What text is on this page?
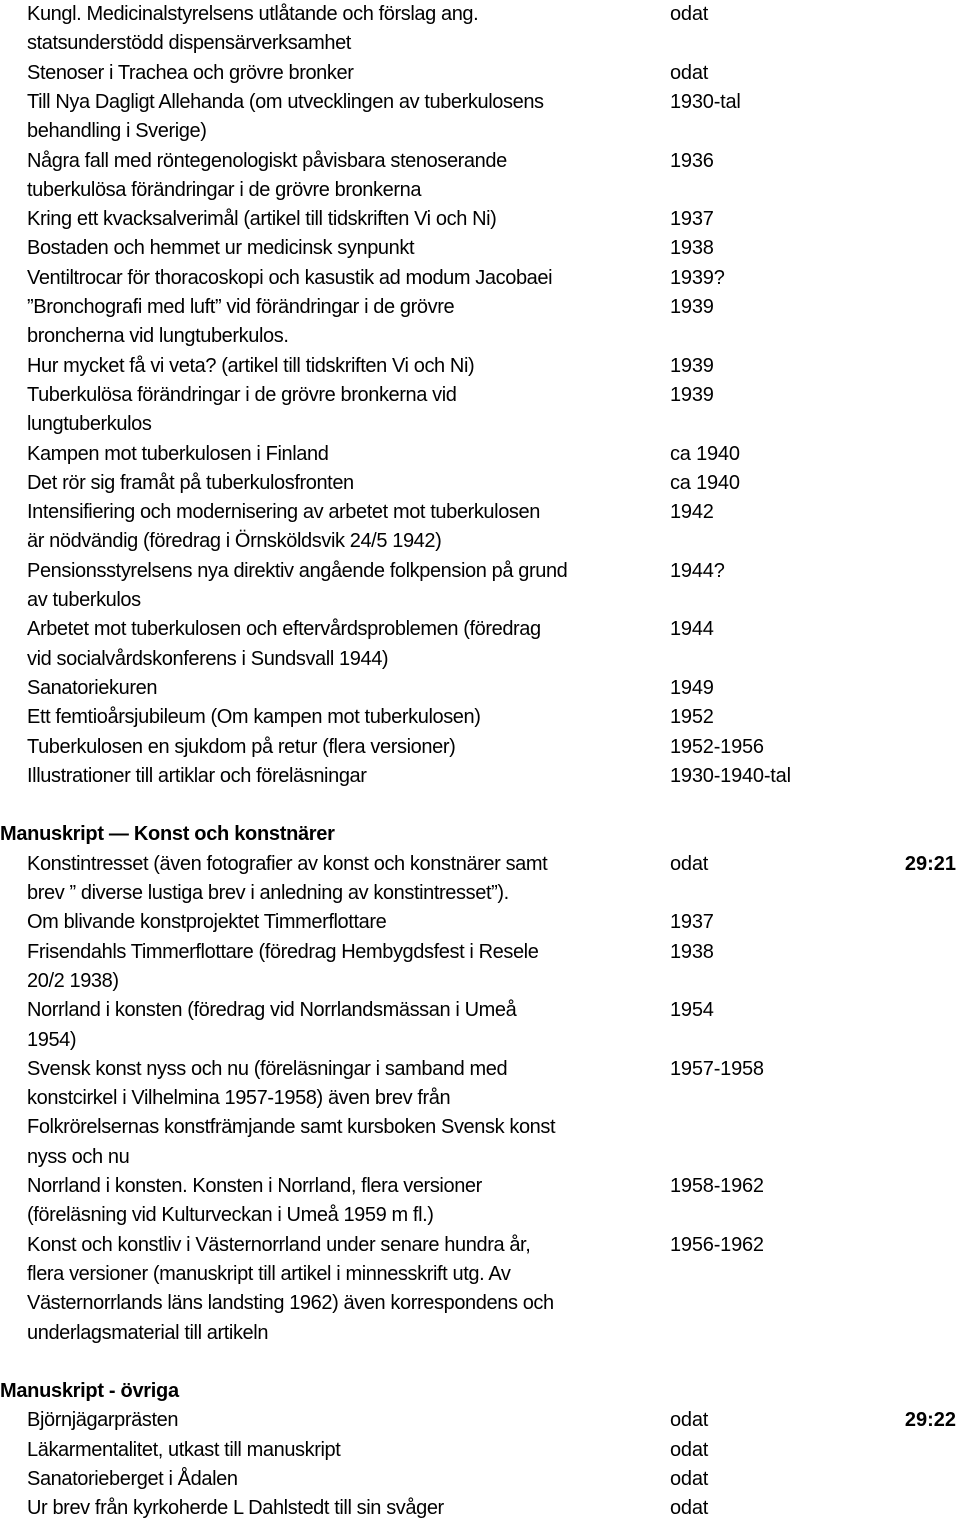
Kungl. Medicinalstyrelsens utlåtande och förslag ang.	odat
statsunderstödd dispensärverksamhet
Stenoser i Trachea och grövre bronker	odat
Till Nya Dagligt Allehanda (om utvecklingen av tuberkulosens	1930-tal
behandling i Sverige)
Några fall med röntegenologiskt påvisbara stenoserande	1936
tuberkulösa förändringar i de grövre bronkerna
Kring ett kvacksalverimål (artikel till tidskriften Vi och Ni)	1937
Bostaden och hemmet ur medicinsk synpunkt	1938
Ventiltrocar för thoracoskopi och kasustik ad modum Jacobaei	1939?
”Bronchografi med luft” vid förändringar i de grövre	1939
broncherna vid lungtuberkulos.
Hur mycket få vi veta? (artikel till tidskriften Vi och Ni)	1939
Tuberkulösa förändringar i de grövre bronkerna vid	1939
lungtuberkulos
Kampen mot tuberkulosen i Finland	ca 1940
Det rör sig framåt på tuberkulosfronten	ca 1940
Intensifiering och modernisering av arbetet mot tuberkulosen	1942
är nödvändig (föredrag i Örnsköldsvik 24/5 1942)
Pensionsstyrelsens nya direktiv angående folkpension på grund	1944?
av tuberkulos
Arbetet mot tuberkulosen och eftervårdsproblemen (föredrag	1944
vid socialvårdskonferens i Sundsvall 1944)
Sanatoriekuren	1949
Ett femtioårsjubileum (Om kampen mot tuberkulosen)	1952
Tuberkulosen en sjukdom på retur (flera versioner)	1952-1956
Illustrationer till artiklar och föreläsningar	1930-1940-tal
Manuskript — Konst och konstnärer
Konstintresset (även fotografier av konst och konstnärer samt	odat	29:21
brev ” diverse lustiga brev i anledning av konstintresset”).
Om blivande konstprojektet Timmerflottare	1937
Frisendahls Timmerflottare (föredrag Hembygdsfest i Resele	1938
20/2 1938)
Norrland i konsten (föredrag vid Norrlandsmässan i Umeå	1954
1954)
Svensk konst nyss och nu (föreläsningar i samband med	1957-1958
konstcirkel i Vilhelmina 1957-1958) även brev från
Folkrörelsernas konstfrämjande samt kursboken Svensk konst
nyss och nu
Norrland i konsten. Konsten i Norrland, flera versioner	1958-1962
(föreläsning vid Kulturveckan i Umeå 1959 m fl.)
Konst och konstliv i Västernorrland under senare hundra år,	1956-1962
flera versioner (manuskript till artikel i minnesskrift utg. Av
Västernorrlands läns landsting 1962) även korrespondens och
underlagsmaterial till artikeln
Manuskript - övriga
Björnjägarprästen	odat	29:22
Läkarmentalitet, utkast till manuskript	odat
Sanatorieberget i Ådalen	odat
Ur brev från kyrkoherde L Dahlstedt till sin svåger	odat
